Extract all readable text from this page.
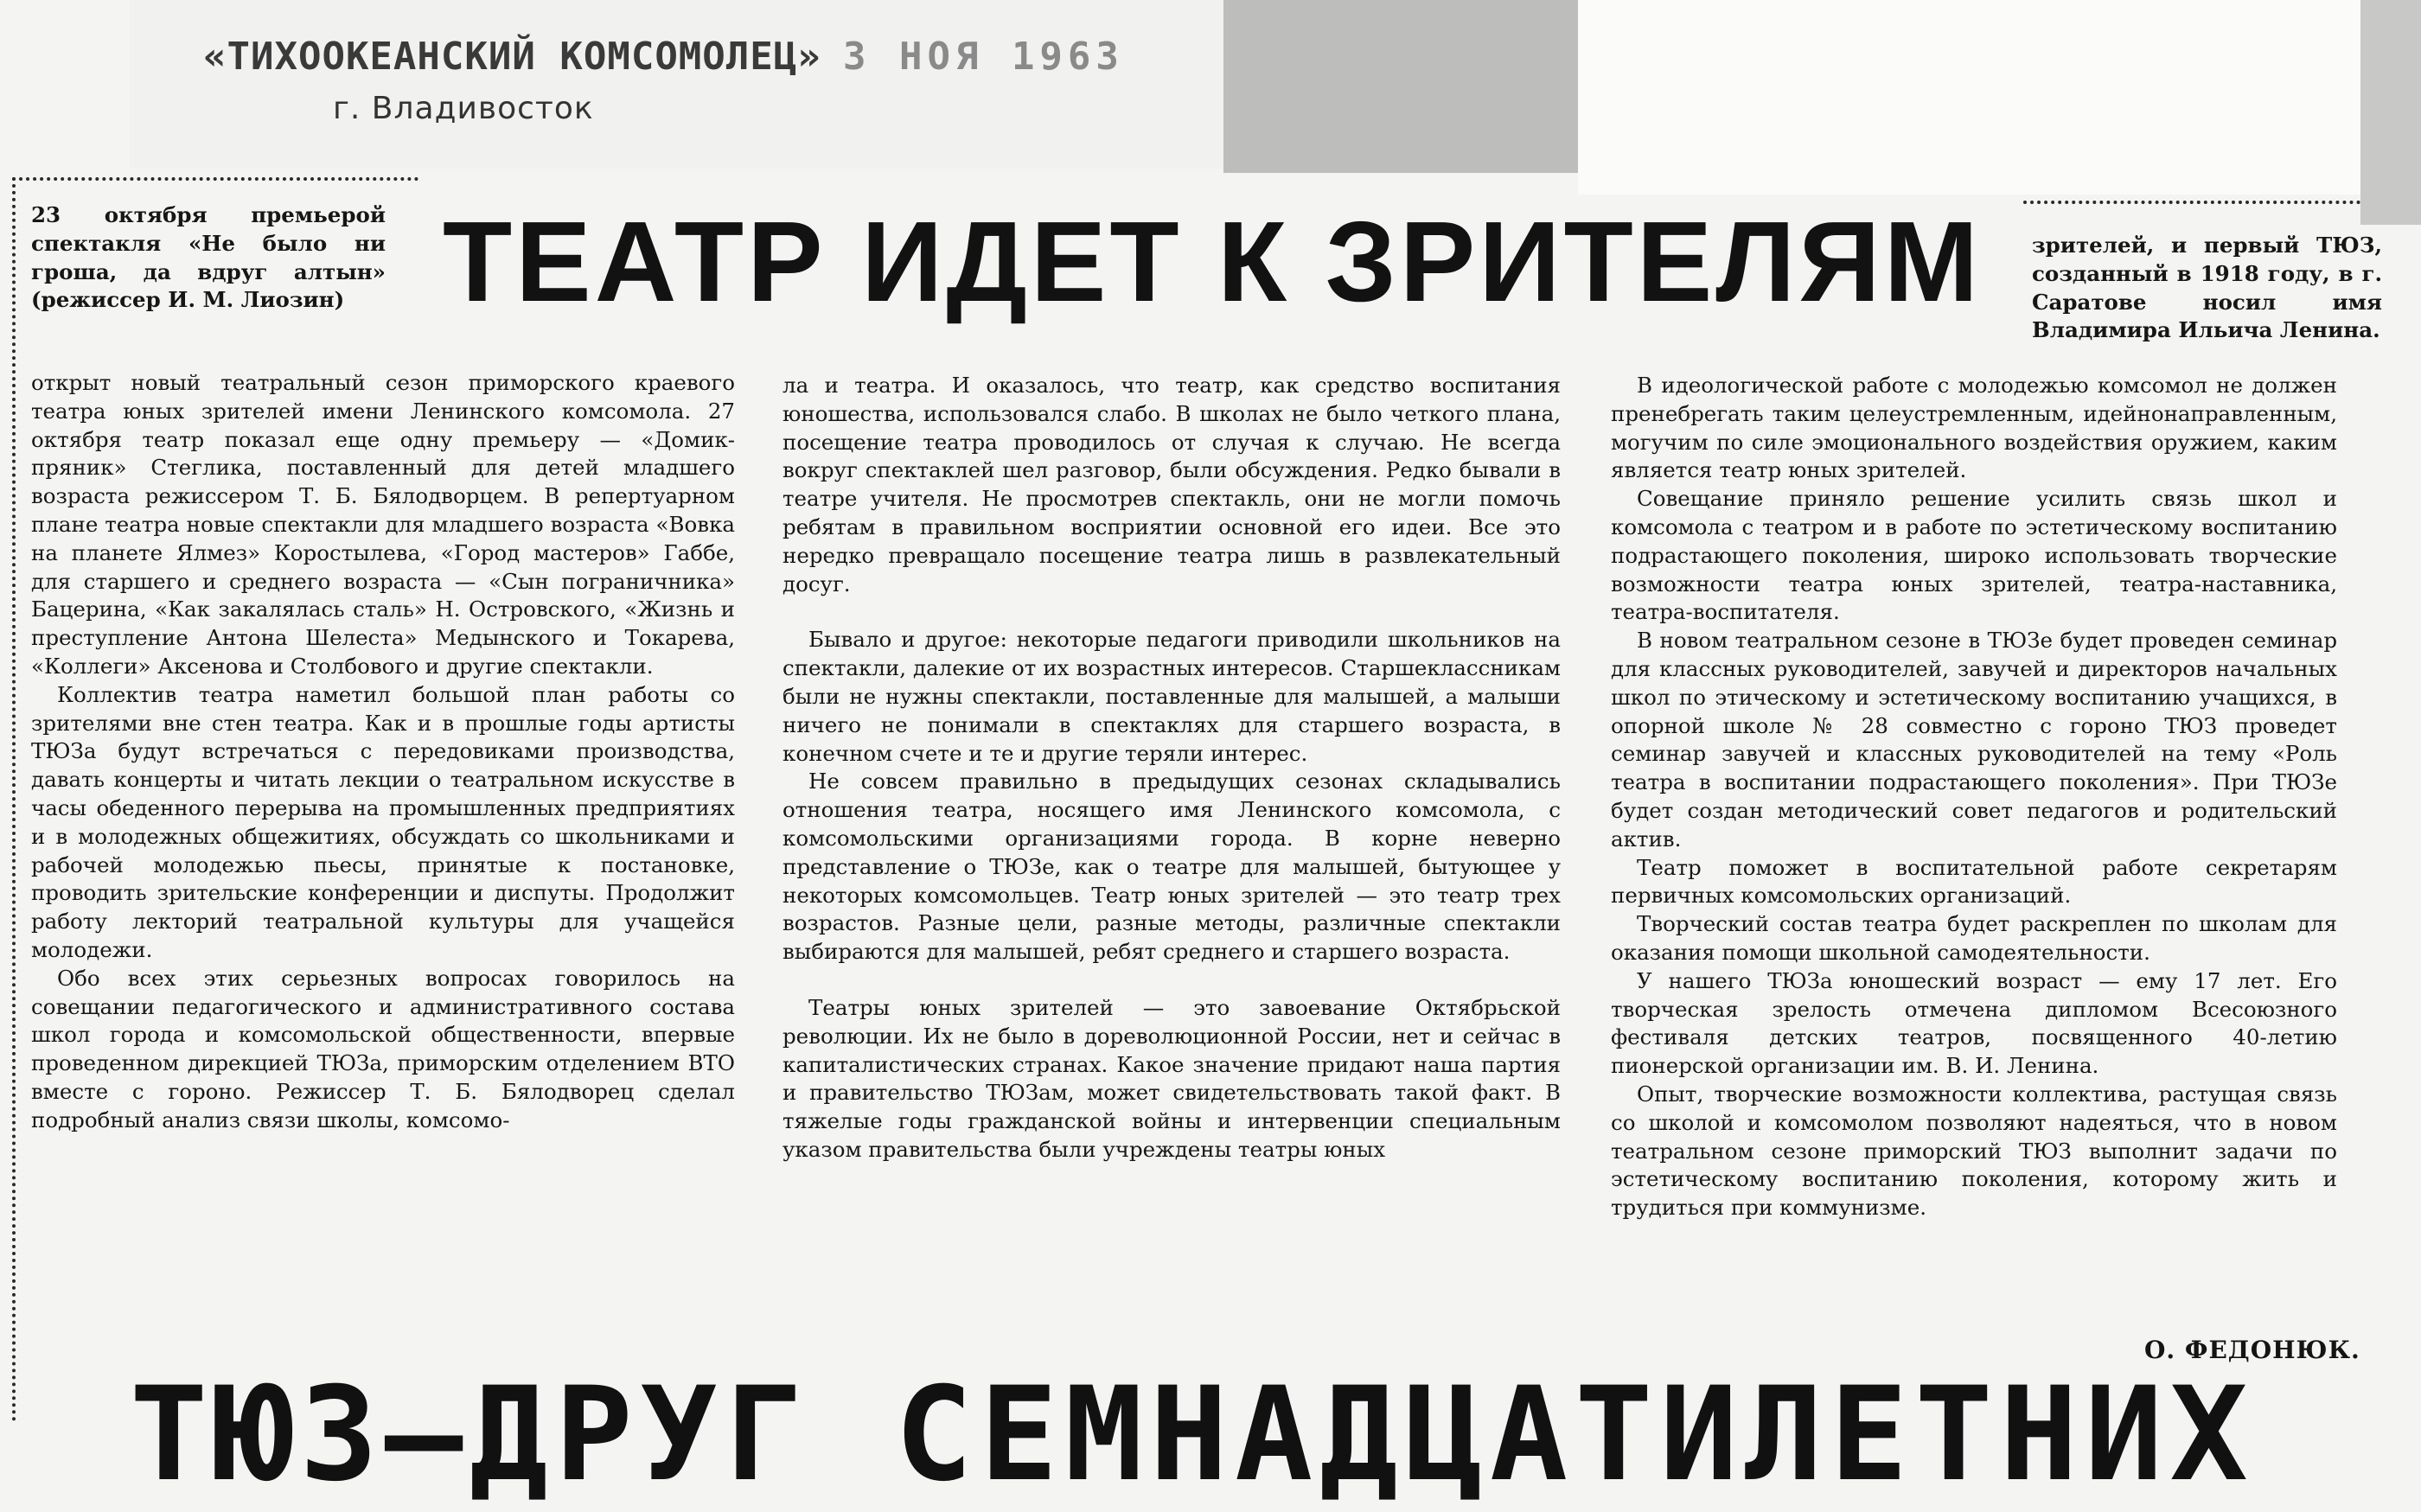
«ТИХООКЕАНСКИЙ КОМСОМОЛЕЦ» 3 НОЯ 1963
г. Владивосток
ТЕАТР ИДЕТ К ЗРИТЕЛЯМ
23 октября премьерой спектакля «Не было ни гроша, да вдруг алтын» (режиссер И. М. Лиозин)

открыт новый театральный сезон приморского краевого театра юных зрителей имени Ленинского комсомола. 27 октября театр показал еще одну премьеру — «Домик-пряник» Стеглика, поставленный для детей младшего возраста режиссером Т. Б. Бялодворцем. В репертуарном плане театра новые спектакли для младшего возраста «Вовка на планете Ялмез» Коростылева, «Город мастеров» Габбе, для старшего и среднего возраста — «Сын пограничника» Бацерина, «Как закалялась сталь» Н. Островского, «Жизнь и преступление Антона Шелеста» Медынского и Токарева, «Коллеги» Аксенова и Столбового и другие спектакли.

Коллектив театра наметил большой план работы со зрителями вне стен театра. Как и в прошлые годы артисты ТЮЗа будут встречаться с передовиками производства, давать концерты и читать лекции о театральном искусстве в часы обеденного перерыва на промышленных предприятиях и в молодежных общежитиях, обсуждать со школьниками и рабочей молодежью пьесы, принятые к постановке, проводить зрительские конференции и диспуты. Продолжит работу лекторий театральной культуры для учащейся молодежи.

Обо всех этих серьезных вопросах говорилось на совещании педагогического и административного состава школ города и комсомольской общественности, впервые проведенном дирекцией ТЮЗа, приморским отделением ВТО вместе с гороно. Режиссер Т. Б. Бялодворец сделал подробный анализ связи школы, комсомо-

ла и театра. И оказалось, что театр, как средство воспитания юношества, использовался слабо. В школах не было четкого плана, посещение театра проводилось от случая к случаю. Не всегда вокруг спектаклей шел разговор, были обсуждения. Редко бывали в театре учителя. Не просмотрев спектакль, они не могли помочь ребятам в правильном восприятии основной его идеи. Все это нередко превращало посещение театра лишь в развлекательный досуг.

Бывало и другое: некоторые педагоги приводили школьников на спектакли, далекие от их возрастных интересов. Старшеклассникам были не нужны спектакли, поставленные для малышей, а малыши ничего не понимали в спектаклях для старшего возраста, в конечном счете и те и другие теряли интерес.

Не совсем правильно в предыдущих сезонах складывались отношения театра, носящего имя Ленинского комсомола, с комсомольскими организациями города. В корне неверно представление о ТЮЗе, как о театре для малышей, бытующее у некоторых комсомольцев. Театр юных зрителей — это театр трех возрастов. Разные цели, разные методы, различные спектакли выбираются для малышей, ребят среднего и старшего возраста.

Театры юных зрителей — это завоевание Октябрьской революции. Их не было в дореволюционной России, нет и сейчас в капиталистических странах. Какое значение придают наша партия и правительство ТЮЗам, может свидетельствовать такой факт. В тяжелые годы гражданской войны и интервенции специальным указом правительства были учреждены театры юных

зрителей, и первый ТЮЗ, созданный в 1918 году, в г. Саратове носил имя Владимира Ильича Ленина.

В идеологической работе с молодежью комсомол не должен пренебрегать таким целеустремленным, идейнонаправленным, могучим по силе эмоционального воздействия оружием, каким является театр юных зрителей.

Совещание приняло решение усилить связь школ и комсомола с театром и в работе по эстетическому воспитанию подрастающего поколения, широко использовать творческие возможности театра юных зрителей, театра-наставника, театра-воспитателя.

В новом театральном сезоне в ТЮЗе будет проведен семинар для классных руководителей, завучей и директоров начальных школ по этическому и эстетическому воспитанию учащихся, в опорной школе № 28 совместно с гороно ТЮЗ проведет семинар завучей и классных руководителей на тему «Роль театра в воспитании подрастающего поколения». При ТЮЗе будет создан методический совет педагогов и родительский актив.

Театр поможет в воспитательной работе секретарям первичных комсомольских организаций.

Творческий состав театра будет раскреплен по школам для оказания помощи школьной самодеятельности.

У нашего ТЮЗа юношеский возраст — ему 17 лет. Его творческая зрелость отмечена дипломом Всесоюзного фестиваля детских театров, посвященного 40-летию пионерской организации им. В. И. Ленина.

Опыт, творческие возможности коллектива, растущая связь со школой и комсомолом позволяют надеяться, что в новом театральном сезоне приморский ТЮЗ выполнит задачи по эстетическому воспитанию поколения, которому жить и трудиться при коммунизме.

О. ФЕДОНЮК.
ТЮЗ—ДРУГ СЕМНАДЦАТИЛЕТНИХ
